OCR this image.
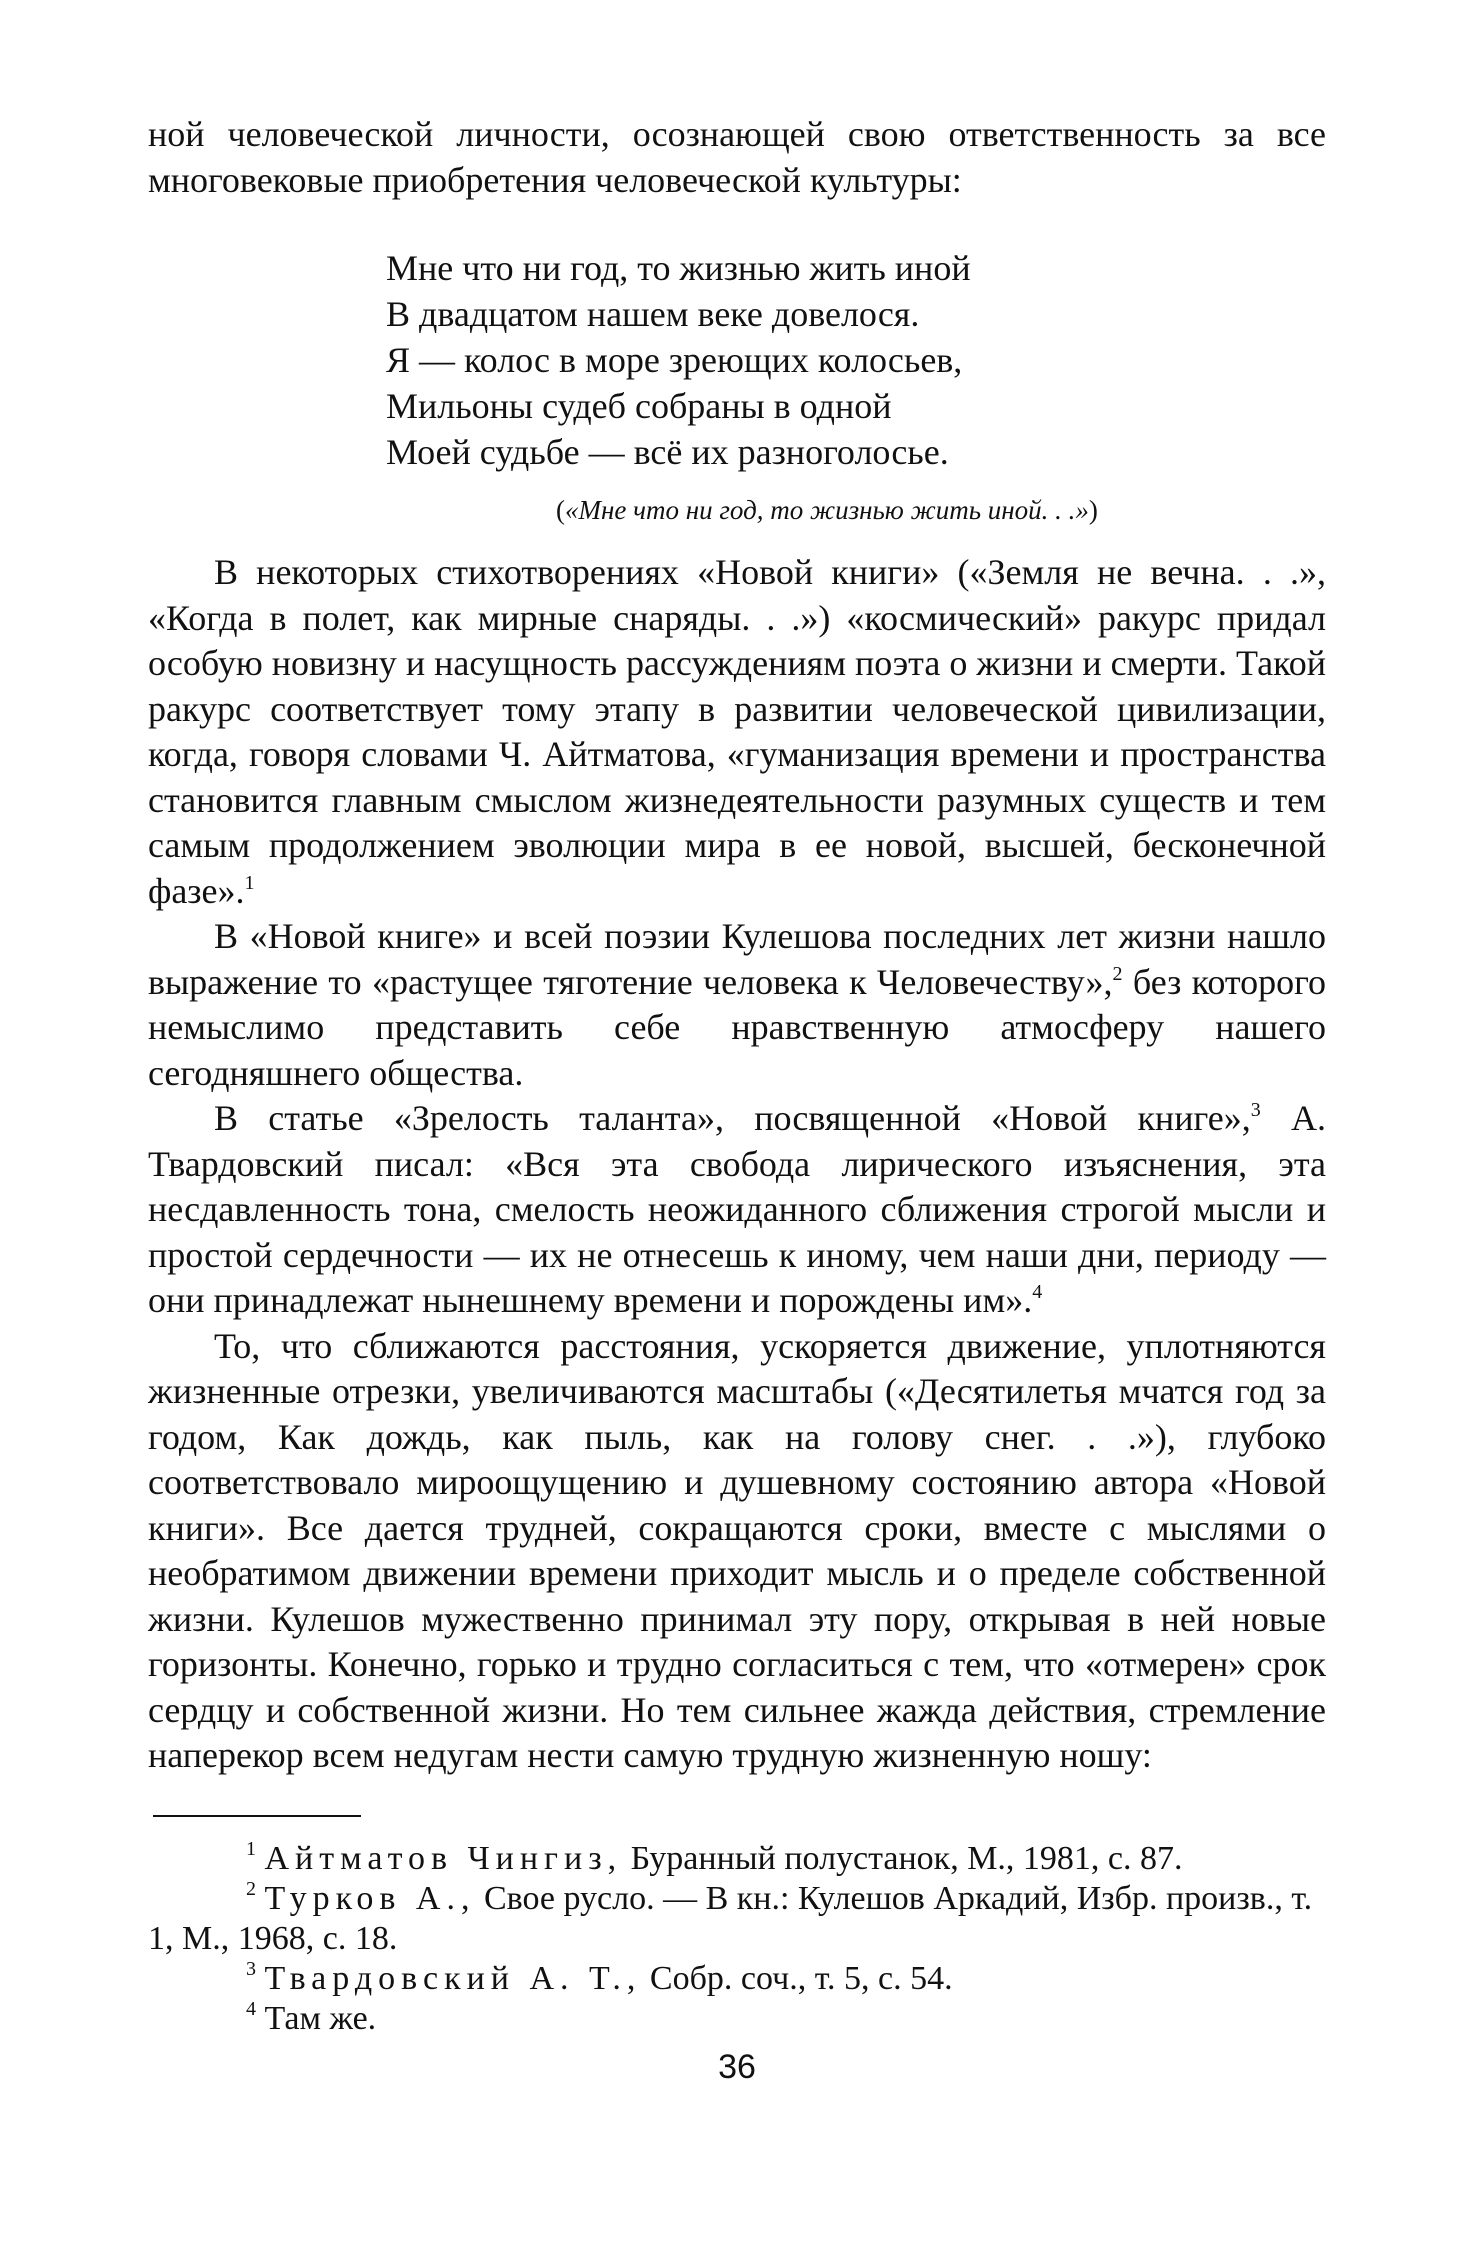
ной человеческой личности, осознающей свою ответственность за все многовековые приобретения человеческой культуры:

Мне что ни год, то жизнью жить иной
В двадцатом нашем веке довелося.
Я — колос в море зреющих колосьев,
Мильоны судеб собраны в одной
Моей судьбе — всё их разноголосье.
(«Мне что ни год, то жизнью жить иной. . .»)

В некоторых стихотворениях «Новой книги» («Земля не вечна. . .», «Когда в полет, как мирные снаряды. . .») «космический» ракурс придал особую новизну и насущность рассуждениям поэта о жизни и смерти. Такой ракурс соответствует тому этапу в развитии человеческой цивилизации, когда, говоря словами Ч. Айтматова, «гуманизация времени и пространства становится главным смыслом жизнедеятельности разумных существ и тем самым продолжением эволюции мира в ее новой, высшей, бесконечной фазе».$^1$

В «Новой книге» и всей поэзии Кулешова последних лет жизни нашло выражение то «растущее тяготение человека к Человечеству»,$^2$ без которого немыслимо представить себе нравственную атмосферу нашего сегодняшнего общества.

В статье «Зрелость таланта», посвященной «Новой книге»,$^3$ А. Твардовский писал: «Вся эта свобода лирического изъяснения, эта несдавленность тона, смелость неожиданного сближения строгой мысли и простой сердечности — их не отнесешь к иному, чем наши дни, периоду — они принадлежат нынешнему времени и порождены им».$^4$

То, что сближаются расстояния, ускоряется движение, уплотняются жизненные отрезки, увеличиваются масштабы («Десятилетья мчатся год за годом, Как дождь, как пыль, как на голову снег. . .»), глубоко соответствовало мироощущению и душевному состоянию автора «Новой книги». Все дается трудней, сокращаются сроки, вместе с мыслями о необратимом движении времени приходит мысль и о пределе собственной жизни. Кулешов мужественно принимал эту пору, открывая в ней новые горизонты. Конечно, горько и трудно согласиться с тем, что «отмерен» срок сердцу и собственной жизни. Но тем сильнее жажда действия, стремление наперекор всем недугам нести самую трудную жизненную ношу:

$^1$ Айтматов Чингиз, Буранный полустанок, М., 1981, с. 87.

$^2$ Турков А., Свое русло. — В кн.: Кулешов Аркадий, Избр. произв., т. 1, М., 1968, с. 18.

$^3$ Твардовский А. Т., Собр. соч., т. 5, с. 54.

$^4$ Там же.

36
